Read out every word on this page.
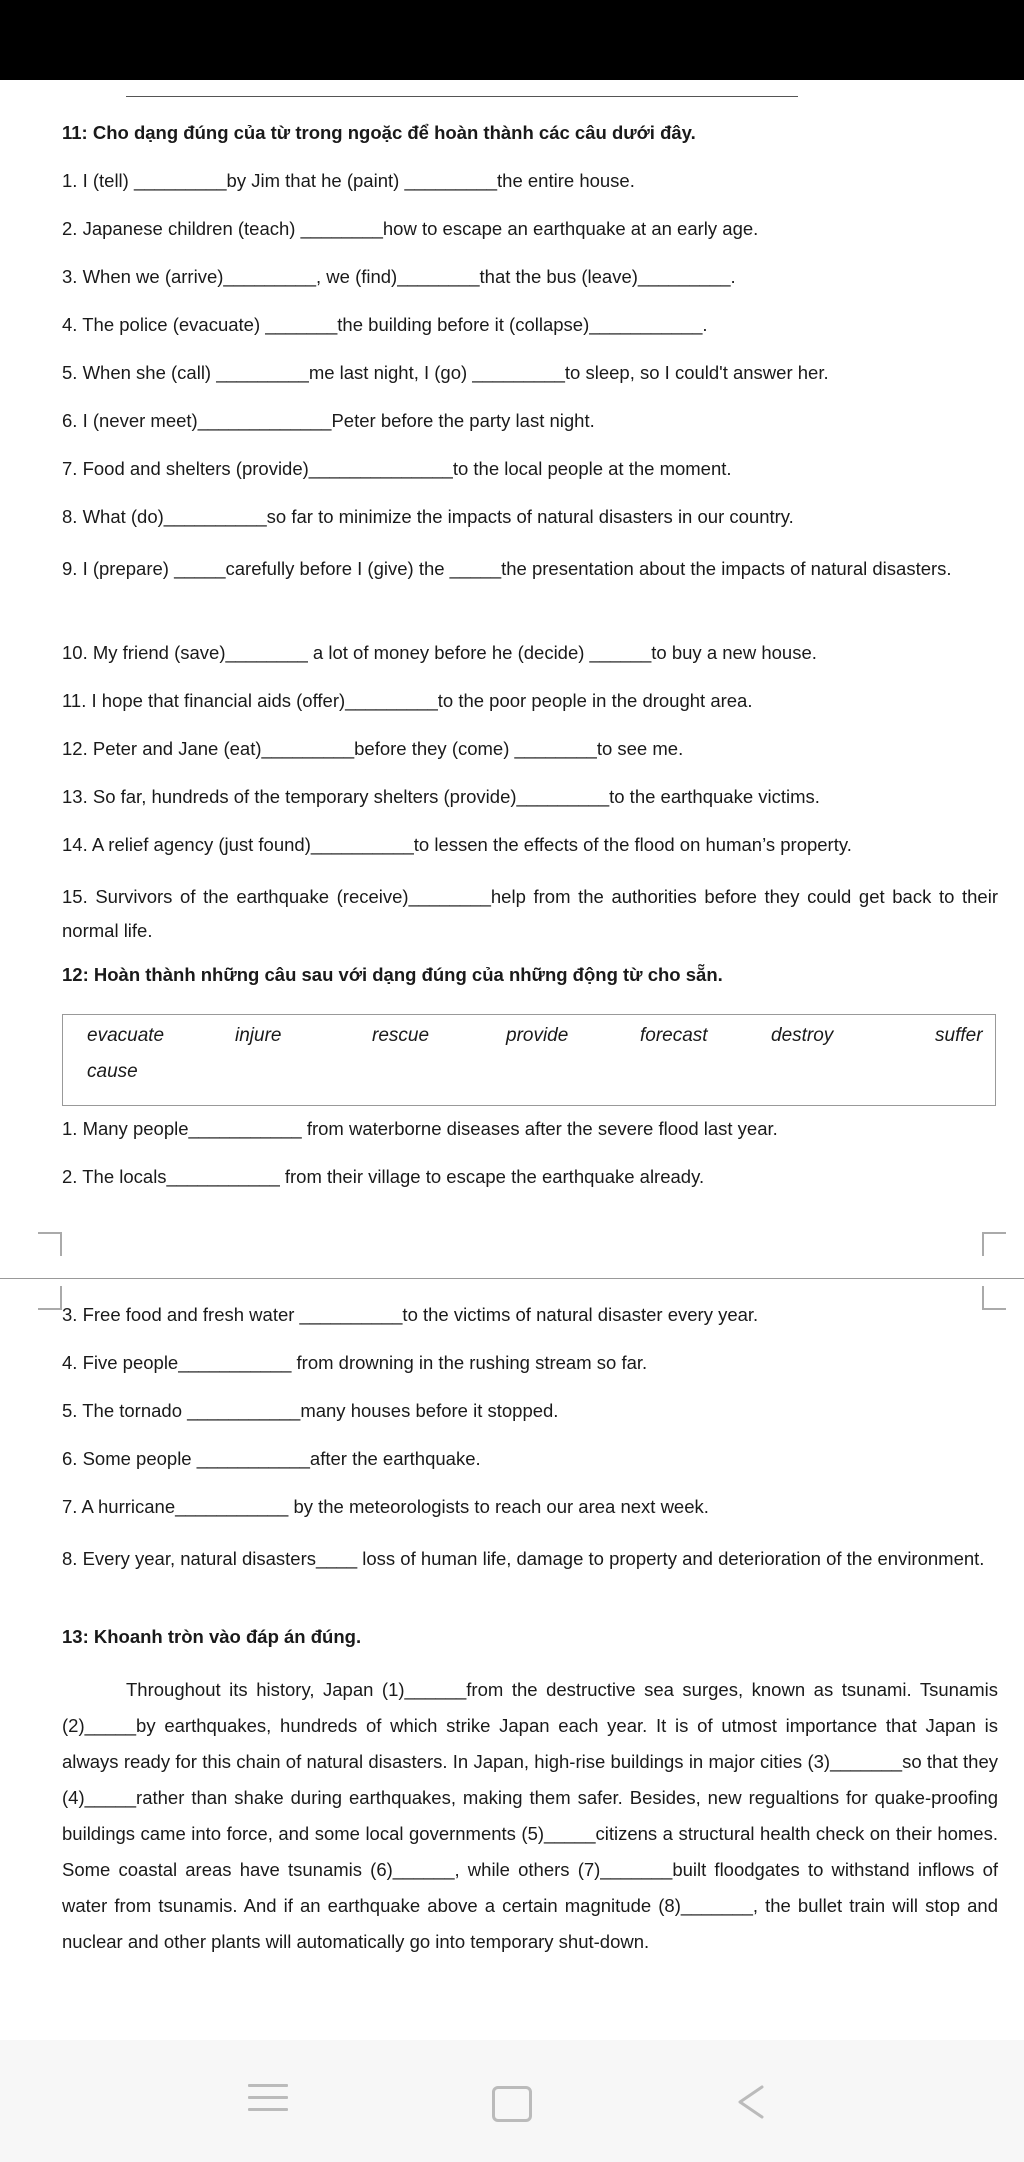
11: Cho dạng đúng của từ trong ngoặc để hoàn thành các câu dưới đây.

1. I (tell) _________by Jim that he (paint) _________the entire house.

2. Japanese children (teach) ________how to escape an earthquake at an early age.

3. When we (arrive)_________, we (find)________that the bus (leave)_________.

4. The police (evacuate) _______the building before it (collapse)___________.

5. When she (call) _________me last night, I (go) _________to sleep, so I could't answer her.

6. I (never meet)_____________Peter before the party last night.

7. Food and shelters (provide)______________to the local people at the moment.

8. What (do)__________so far to minimize the impacts of natural disasters in our country.

9. I (prepare) _____carefully before I (give) the _____the presentation about the impacts of natural disasters.

10. My friend (save)________ a lot of money before he (decide) ______to buy a new house.

11. I hope that financial aids (offer)_________to the poor people in the drought area.

12. Peter and Jane (eat)_________before they (come) ________to see me.

13. So far, hundreds of the temporary shelters (provide)_________to the earthquake victims.

14. A relief agency (just found)__________to lessen the effects of the flood on human’s property.

15. Survivors of the earthquake (receive)________help from the authorities before they could get back to their normal life.

12: Hoàn thành những câu sau với dạng đúng của những động từ cho sẵn.

evacuate	injure	rescue	provide	forecast	destroy	suffer
cause

1. Many people___________ from waterborne diseases after the severe flood last year.

2. The locals___________ from their village to escape the earthquake already.

3. Free food and fresh water __________to the victims of natural disaster every year.

4. Five people___________ from drowning in the rushing stream so far.

5. The tornado ___________many houses before it stopped.

6. Some people ___________after the earthquake.

7. A hurricane___________ by the meteorologists to reach our area next week.

8. Every year, natural disasters____ loss of human life, damage to property and deterioration of the environment.

13: Khoanh tròn vào đáp án đúng.

Throughout its history, Japan (1)______from the destructive sea surges, known as tsunami. Tsunamis (2)_____by earthquakes, hundreds of which strike Japan each year. It is of utmost importance that Japan is always ready for this chain of natural disasters. In Japan, high-rise buildings in major cities (3)_______so that they (4)_____rather than shake during earthquakes, making them safer. Besides, new regualtions for quake-proofing buildings came into force, and some local governments (5)_____citizens a structural health check on their homes. Some coastal areas have tsunamis (6)______, while others (7)_______built floodgates to withstand inflows of water from tsunamis. And if an earthquake above a certain magnitude (8)_______, the bullet train will stop and nuclear and other plants will automatically go into temporary shut-down.
